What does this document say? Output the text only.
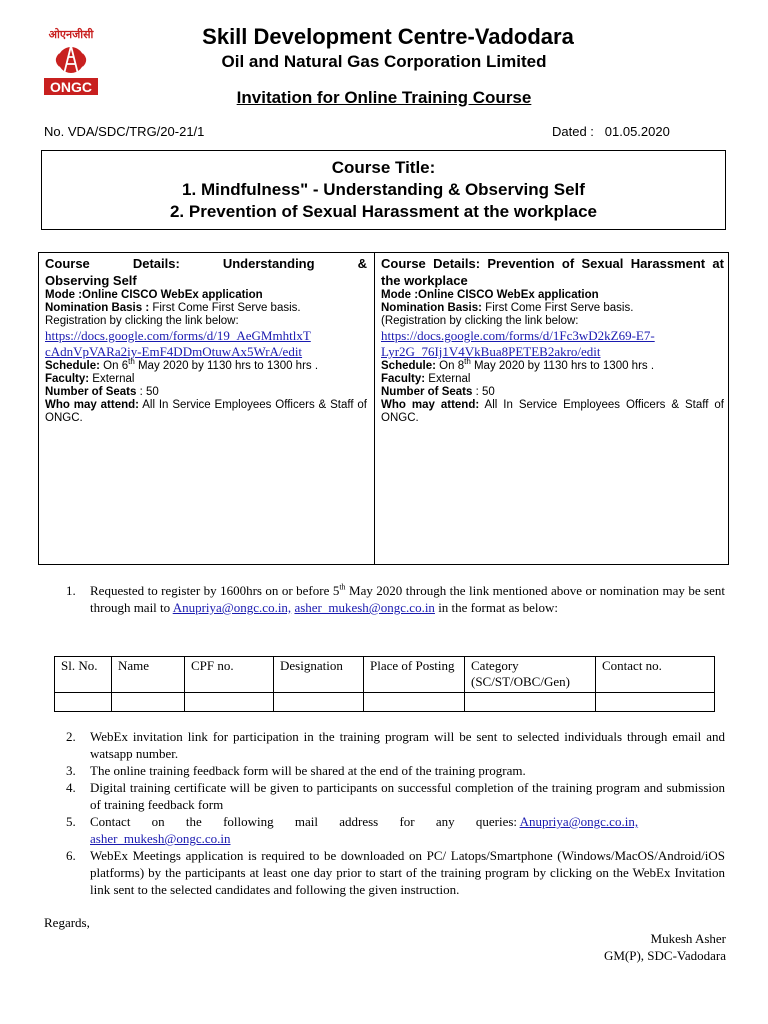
ओएनजीसी
ONGC
Skill Development Centre-Vadodara
Oil and Natural Gas Corporation Limited
Invitation for Online Training Course
No. VDA/SDC/TRG/20-21/1	Dated : 01.05.2020
Course Title:
1. Mindfulness" - Understanding & Observing Self
2. Prevention of Sexual Harassment at the workplace
Course Details: Understanding &
Observing Self

Mode :Online CISCO WebEx application

Nomination Basis : First Come First Serve basis.

Registration by clicking the link below:

https://docs.google.com/forms/d/19_AeGMmhtlxT
cAdnVpVARa2iy-EmF4DDmOtuwAx5WrA/edit

Schedule: On 6th May 2020 by 1130 hrs to 1300 hrs .

Faculty: External

Number of Seats : 50

Who may attend: All In Service Employees Officers & Staff of ONGC.

Course Details: Prevention of Sexual Harassment at the workplace

Mode :Online CISCO WebEx application

Nomination Basis: First Come First Serve basis.

(Registration by clicking the link below:

https://docs.google.com/forms/d/1Fc3wD2kZ69-E7-
Lyr2G_76Ij1V4VkBua8PETEB2akro/edit

Schedule: On 8th May 2020 by 1130 hrs to 1300 hrs .

Faculty: External

Number of Seats : 50

Who may attend: All In Service Employees Officers & Staff of ONGC.

1.	Requested to register by 1600hrs on or before 5th May 2020 through the link mentioned above or nomination may be sent through mail to Anupriya@ongc.co.in, asher_mukesh@ongc.co.in in the format as below:
Sl. No.	Name	CPF no.	Designation	Place of Posting	Category (SC/ST/OBC/Gen)	Contact no.

2. WebEx invitation link for participation in the training program will be sent to selected individuals through email and watsapp number.
3. The online training feedback form will be shared at the end of the training program.
4. Digital training certificate will be given to participants on successful completion of the training program and submission of training feedback form
5. Contact on the following mail address for any queries: Anupriya@ongc.co.in,
asher_mukesh@ongc.co.in
6. WebEx Meetings application is required to be downloaded on PC/ Latops/Smartphone (Windows/MacOS/Android/iOS platforms) by the participants at least one day prior to start of the training program by clicking on the WebEx Invitation link sent to the selected candidates and following the given instruction.
Regards,
Mukesh Asher
GM(P), SDC-Vadodara
